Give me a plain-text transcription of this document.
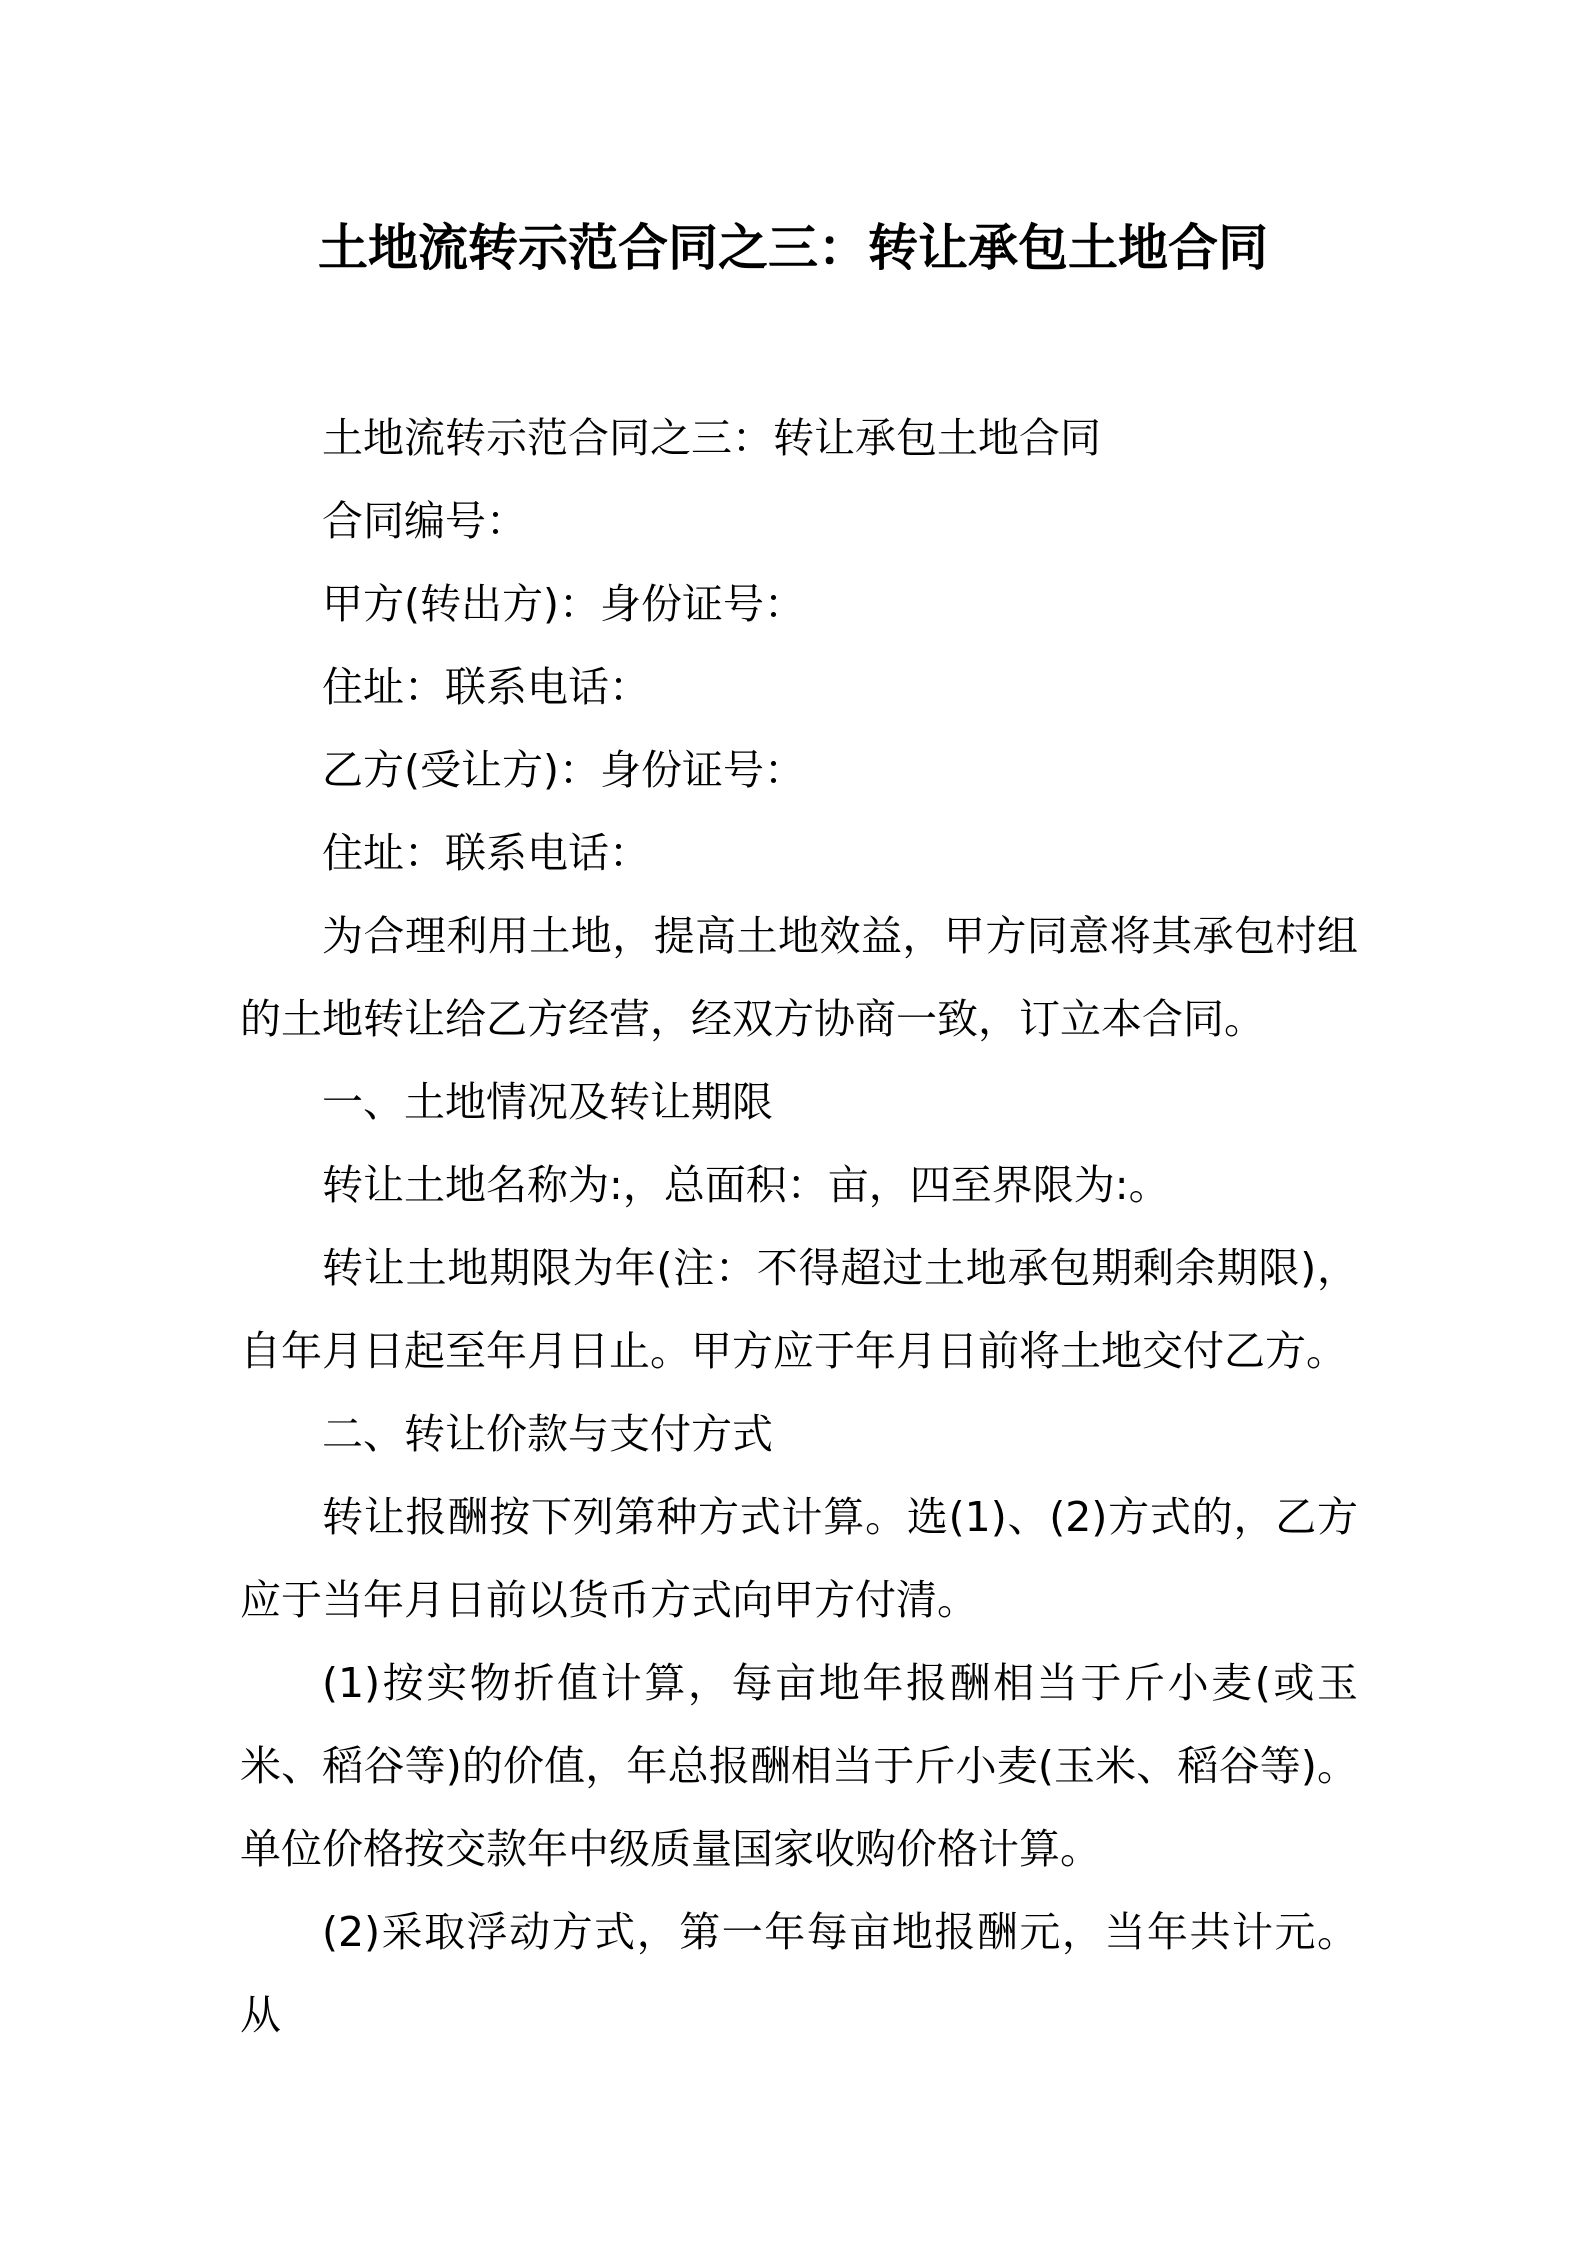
土地流转示范合同之三：转让承包土地合同

土地流转示范合同之三：转让承包土地合同

合同编号：

甲方(转出方)：身份证号：

住址：联系电话：

乙方(受让方)：身份证号：

住址：联系电话：

为合理利用土地，提高土地效益，甲方同意将其承包村组的土地转让给乙方经营，经双方协商一致，订立本合同。

一、土地情况及转让期限

转让土地名称为:，总面积：亩，四至界限为:。

转让土地期限为年(注：不得超过土地承包期剩余期限)，自年月日起至年月日止。甲方应于年月日前将土地交付乙方。

二、转让价款与支付方式

转让报酬按下列第种方式计算。选(1)、(2)方式的，乙方应于当年月日前以货币方式向甲方付清。

(1)按实物折值计算，每亩地年报酬相当于斤小麦(或玉米、稻谷等)的价值，年总报酬相当于斤小麦(玉米、稻谷等)。单位价格按交款年中级质量国家收购价格计算。

(2)采取浮动方式，第一年每亩地报酬元，当年共计元。从
